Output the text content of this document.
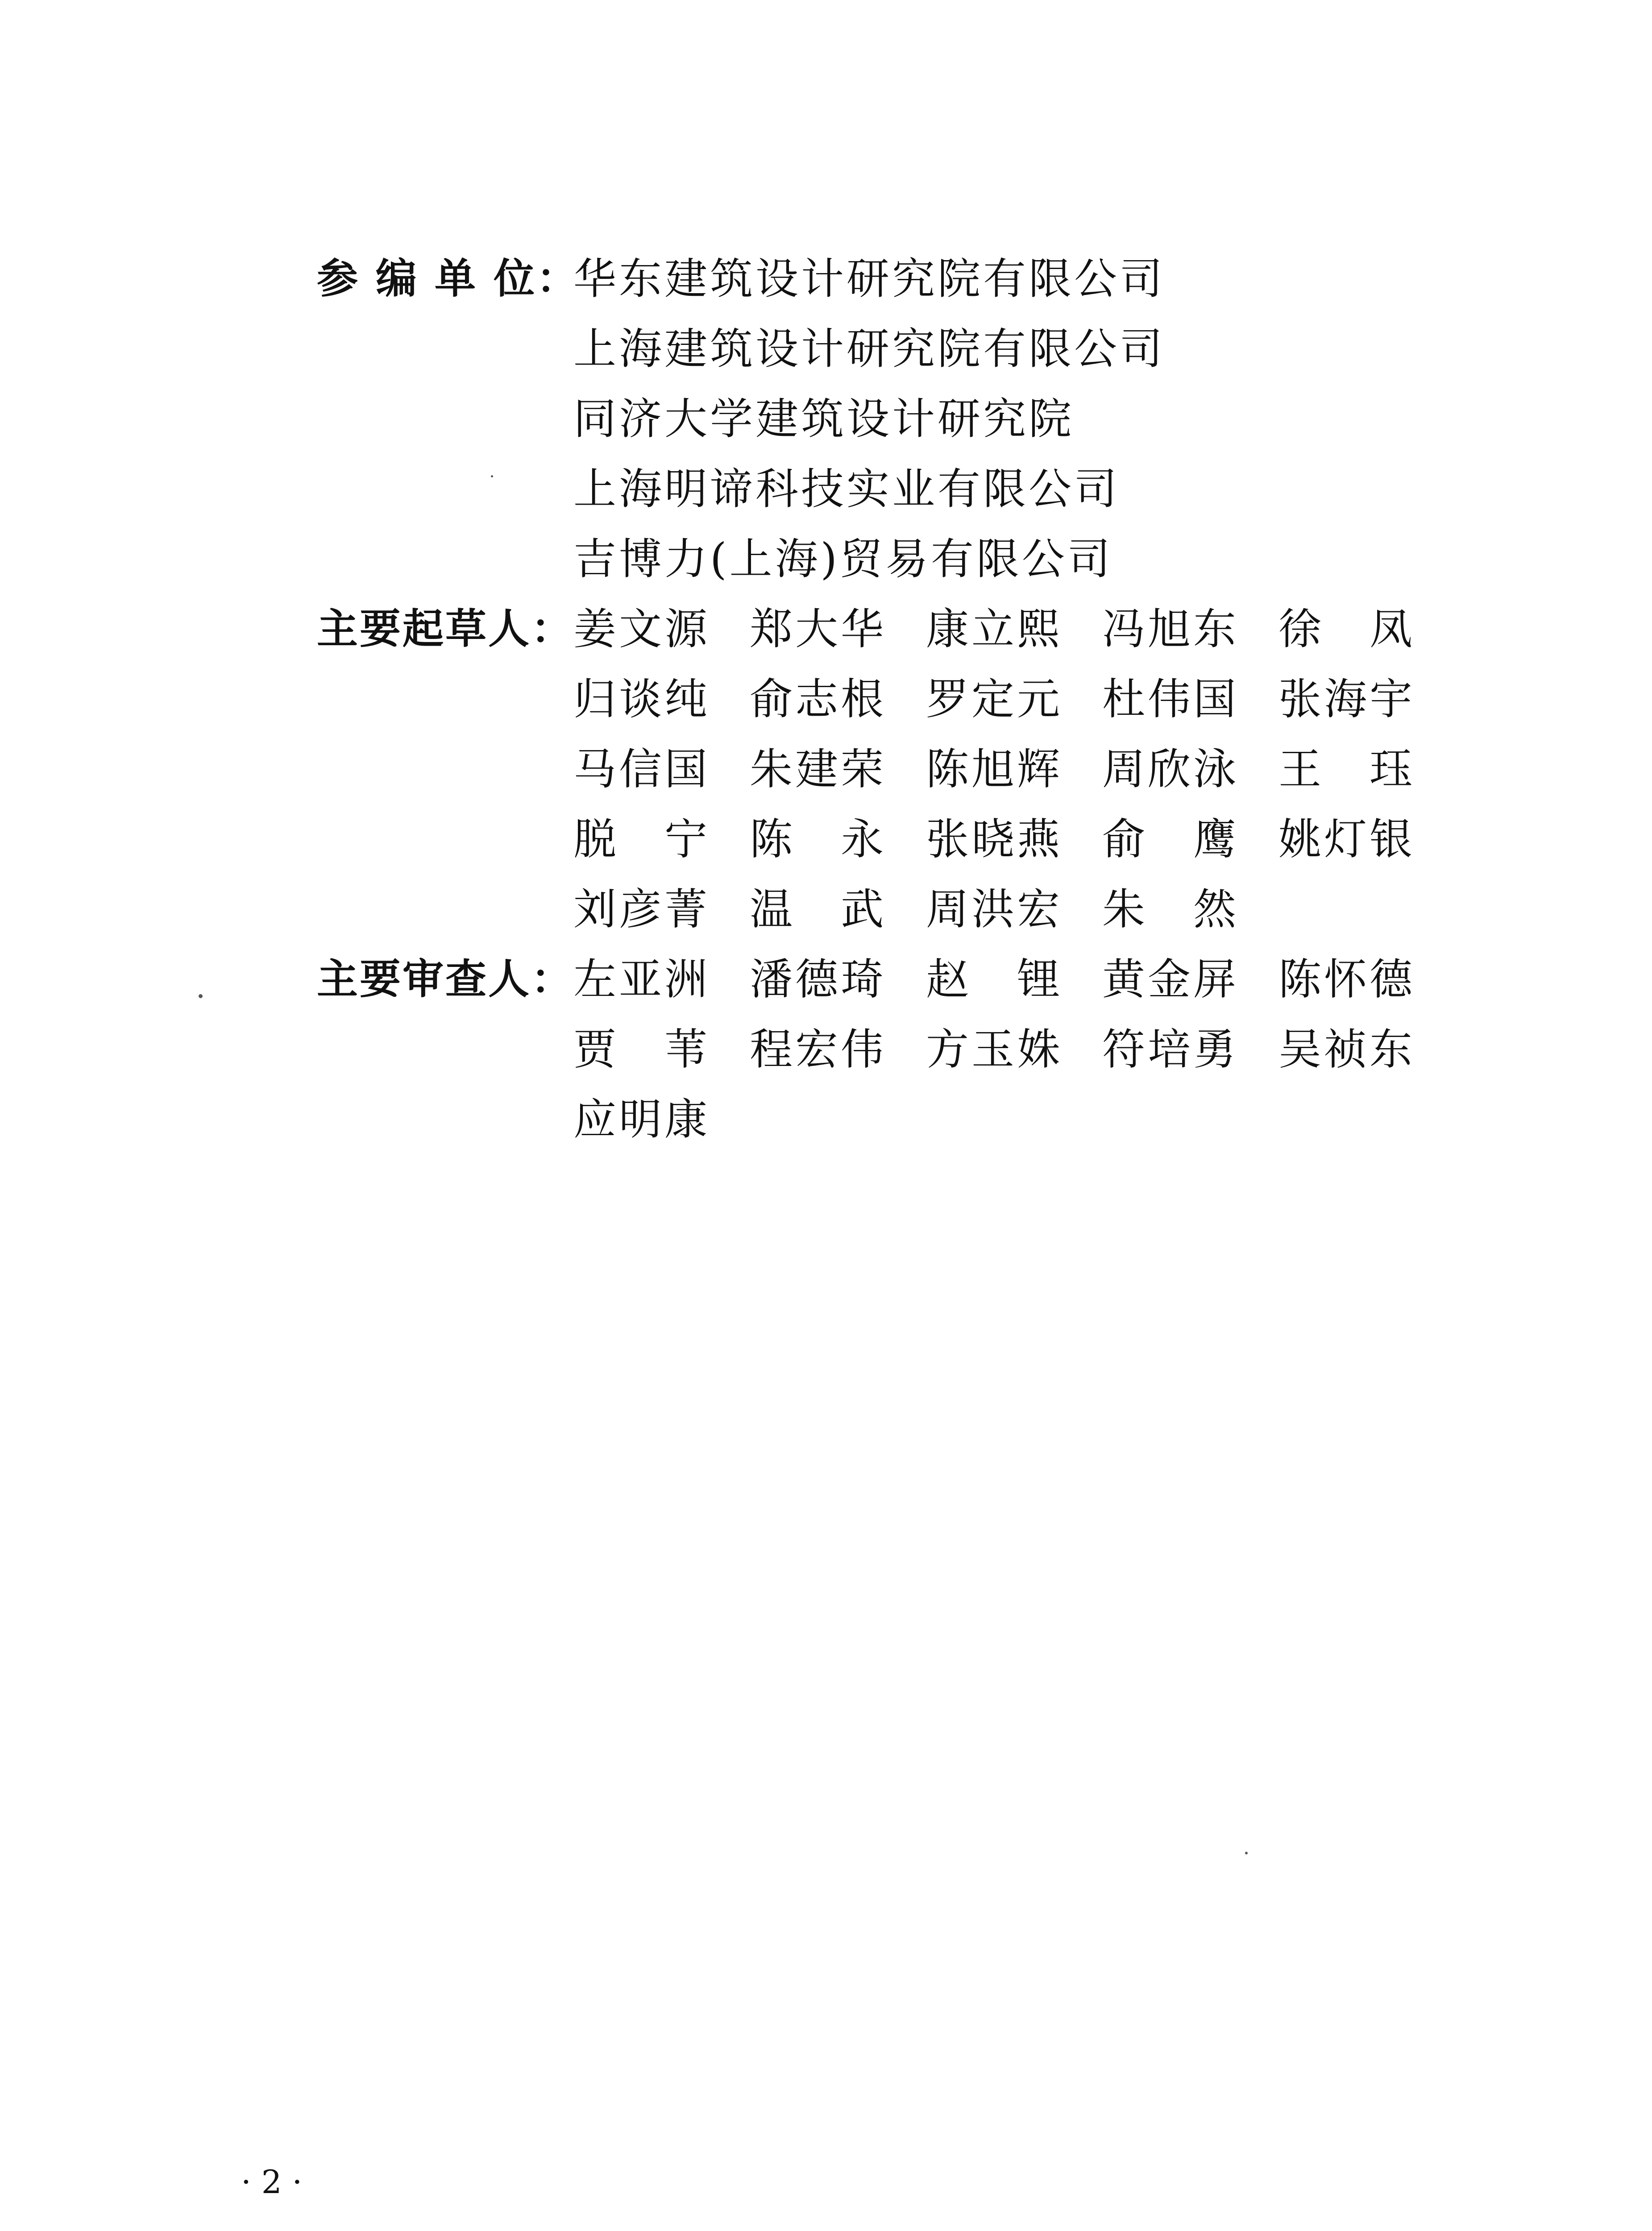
参 编 单 位：
华东建筑设计研究院有限公司
上海建筑设计研究院有限公司
同济大学建筑设计研究院
上海明谛科技实业有限公司
吉博力(上海)贸易有限公司
主要起草人：
姜文源 郑大华 康立熙 冯旭东 徐 凤
归谈纯 俞志根 罗定元 杜伟国 张海宇
马信国 朱建荣 陈旭辉 周欣泳 王 珏
脱 宁 陈 永 张晓燕 俞 鹰 姚灯银
刘彦菁 温 武 周洪宏 朱 然
主要审查人：
左亚洲 潘德琦 赵 锂 黄金屏 陈怀德
贾 苇 程宏伟 方玉姝 符培勇 吴祯东
应明康
· 2 ·
